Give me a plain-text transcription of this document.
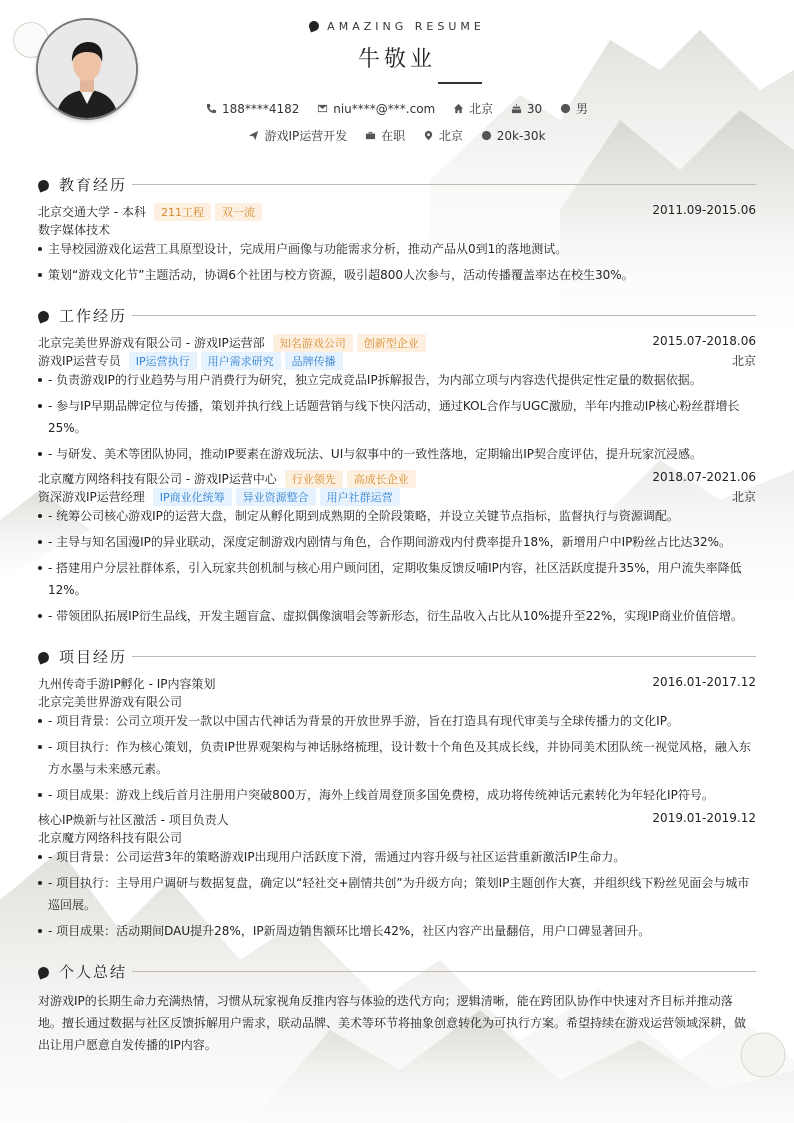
AMAZING RESUME
牛敬业
188****4182	niu****@***.com	北京	30	男
游戏IP运营开发	在职	北京	20k-30k
教育经历
北京交通大学 - 本科 211工程 双一流	2011.09-2015.06
数字媒体技术
主导校园游戏化运营工具原型设计，完成用户画像与功能需求分析，推动产品从0到1的落地测试。
策划“游戏文化节”主题活动，协调6个社团与校方资源，吸引超800人次参与，活动传播覆盖率达在校生30%。
工作经历
北京完美世界游戏有限公司 - 游戏IP运营部 知名游戏公司 创新型企业	2015.07-2018.06
游戏IP运营专员 IP运营执行 用户需求研究 品牌传播	北京
- 负责游戏IP的行业趋势与用户消费行为研究，独立完成竞品IP拆解报告，为内部立项与内容迭代提供定性定量的数据依据。
- 参与IP早期品牌定位与传播，策划并执行线上话题营销与线下快闪活动，通过KOL合作与UGC激励，半年内推动IP核心粉丝群增长25%。
- 与研发、美术等团队协同，推动IP要素在游戏玩法、UI与叙事中的一致性落地，定期输出IP契合度评估，提升玩家沉浸感。
北京魔方网络科技有限公司 - 游戏IP运营中心 行业领先 高成长企业	2018.07-2021.06
资深游戏IP运营经理 IP商业化统筹 异业资源整合 用户社群运营	北京
- 统筹公司核心游戏IP的运营大盘，制定从孵化期到成熟期的全阶段策略，并设立关键节点指标，监督执行与资源调配。
- 主导与知名国漫IP的异业联动，深度定制游戏内剧情与角色，合作期间游戏内付费率提升18%，新增用户中IP粉丝占比达32%。
- 搭建用户分层社群体系，引入玩家共创机制与核心用户顾问团，定期收集反馈反哺IP内容，社区活跃度提升35%，用户流失率降低12%。
- 带领团队拓展IP衍生品线，开发主题盲盒、虚拟偶像演唱会等新形态，衍生品收入占比从10%提升至22%，实现IP商业价值倍增。
项目经历
九州传奇手游IP孵化 - IP内容策划	2016.01-2017.12
北京完美世界游戏有限公司
- 项目背景：公司立项开发一款以中国古代神话为背景的开放世界手游，旨在打造具有现代审美与全球传播力的文化IP。
- 项目执行：作为核心策划，负责IP世界观架构与神话脉络梳理，设计数十个角色及其成长线，并协同美术团队统一视觉风格，融入东方水墨与未来感元素。
- 项目成果：游戏上线后首月注册用户突破800万，海外上线首周登顶多国免费榜，成功将传统神话元素转化为年轻化IP符号。
核心IP焕新与社区激活 - 项目负责人	2019.01-2019.12
北京魔方网络科技有限公司
- 项目背景：公司运营3年的策略游戏IP出现用户活跃度下滑，需通过内容升级与社区运营重新激活IP生命力。
- 项目执行：主导用户调研与数据复盘，确定以“轻社交+剧情共创”为升级方向；策划IP主题创作大赛，并组织线下粉丝见面会与城市巡回展。
- 项目成果：活动期间DAU提升28%，IP新周边销售额环比增长42%，社区内容产出量翻倍，用户口碑显著回升。
个人总结
对游戏IP的长期生命力充满热情，习惯从玩家视角反推内容与体验的迭代方向；逻辑清晰，能在跨团队协作中快速对齐目标并推动落地。擅长通过数据与社区反馈拆解用户需求，联动品牌、美术等环节将抽象创意转化为可执行方案。希望持续在游戏运营领域深耕，做出让用户愿意自发传播的IP内容。
